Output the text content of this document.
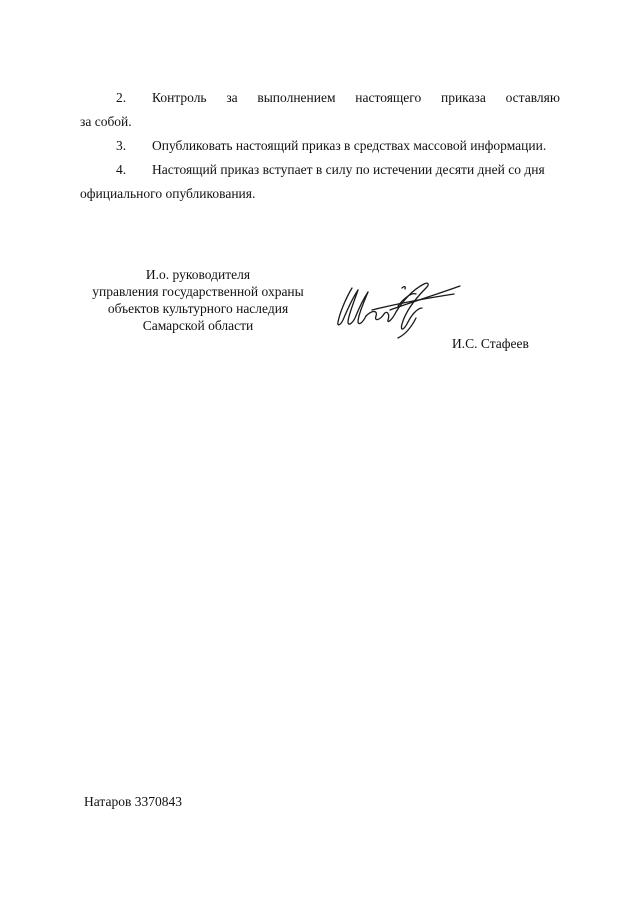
2.	Контроль за выполнением настоящего приказа оставляю
за собой.
3.	Опубликовать настоящий приказ в средствах массовой информации.
4.	Настоящий приказ вступает в силу по истечении десяти дней со дня
официального опубликования.
И.о. руководителя
управления государственной охраны
объектов культурного наследия
Самарской области
И.С. Стафеев
Натаров 3370843
